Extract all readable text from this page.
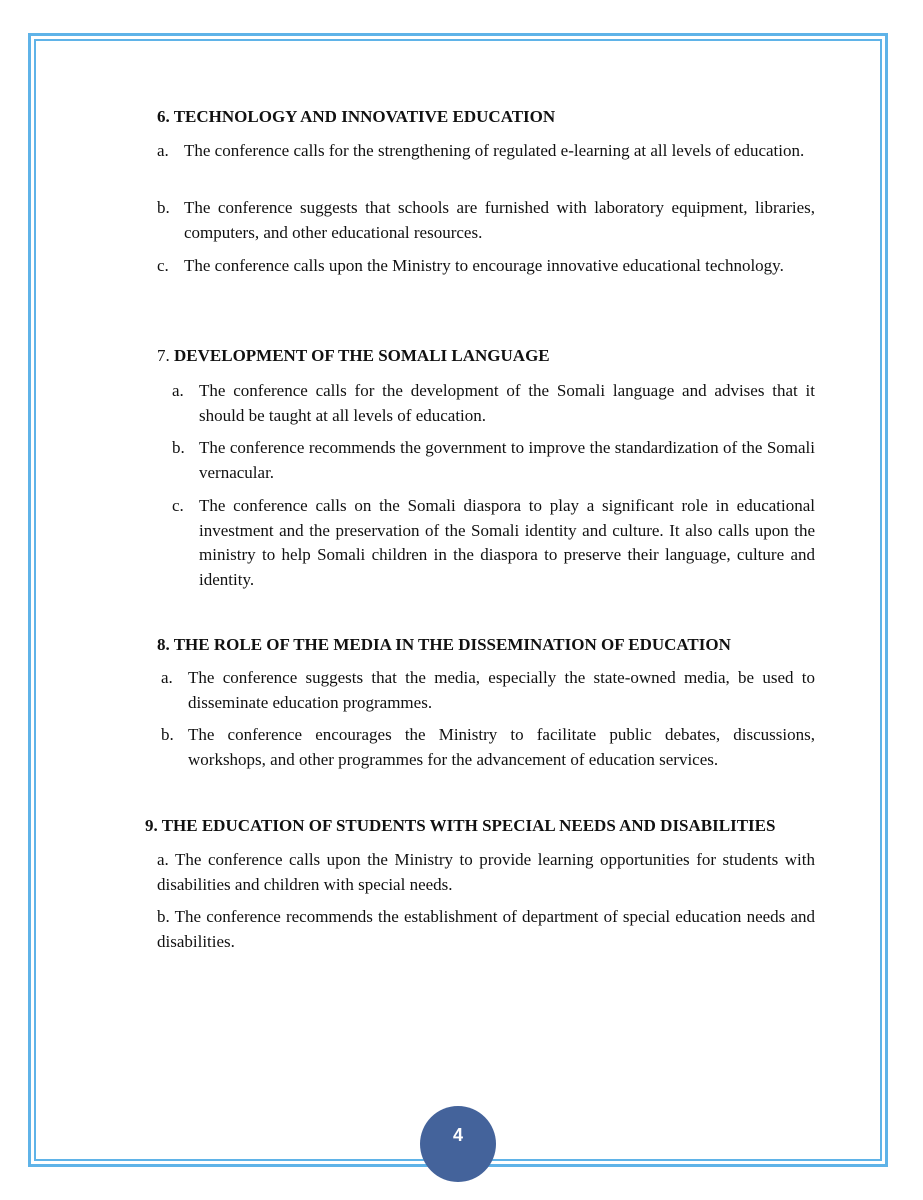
6. TECHNOLOGY AND INNOVATIVE EDUCATION
a. The conference calls for the strengthening of regulated e-learning at all levels of education.
b. The conference suggests that schools are furnished with laboratory equipment, libraries, computers, and other educational resources.
c. The conference calls upon the Ministry to encourage innovative educational technology.
7. DEVELOPMENT OF THE SOMALI LANGUAGE
a. The conference calls for the development of the Somali language and advises that it should be taught at all levels of education.
b. The conference recommends the government to improve the standardization of the Somali vernacular.
c. The conference calls on the Somali diaspora to play a significant role in educational investment and the preservation of the Somali identity and culture. It also calls upon the ministry to help Somali children in the diaspora to preserve their language, culture and identity.
8. THE ROLE OF THE MEDIA IN THE DISSEMINATION OF EDUCATION
a. The conference suggests that the media, especially the state-owned media, be used to disseminate education programmes.
b. The conference encourages the Ministry to facilitate public debates, discussions, workshops, and other programmes for the advancement of education services.
9. THE EDUCATION OF STUDENTS WITH SPECIAL NEEDS AND DISABILITIES
a. The conference calls upon the Ministry to provide learning opportunities for students with disabilities and children with special needs.
b. The conference recommends the establishment of department of special education needs and disabilities.
4
